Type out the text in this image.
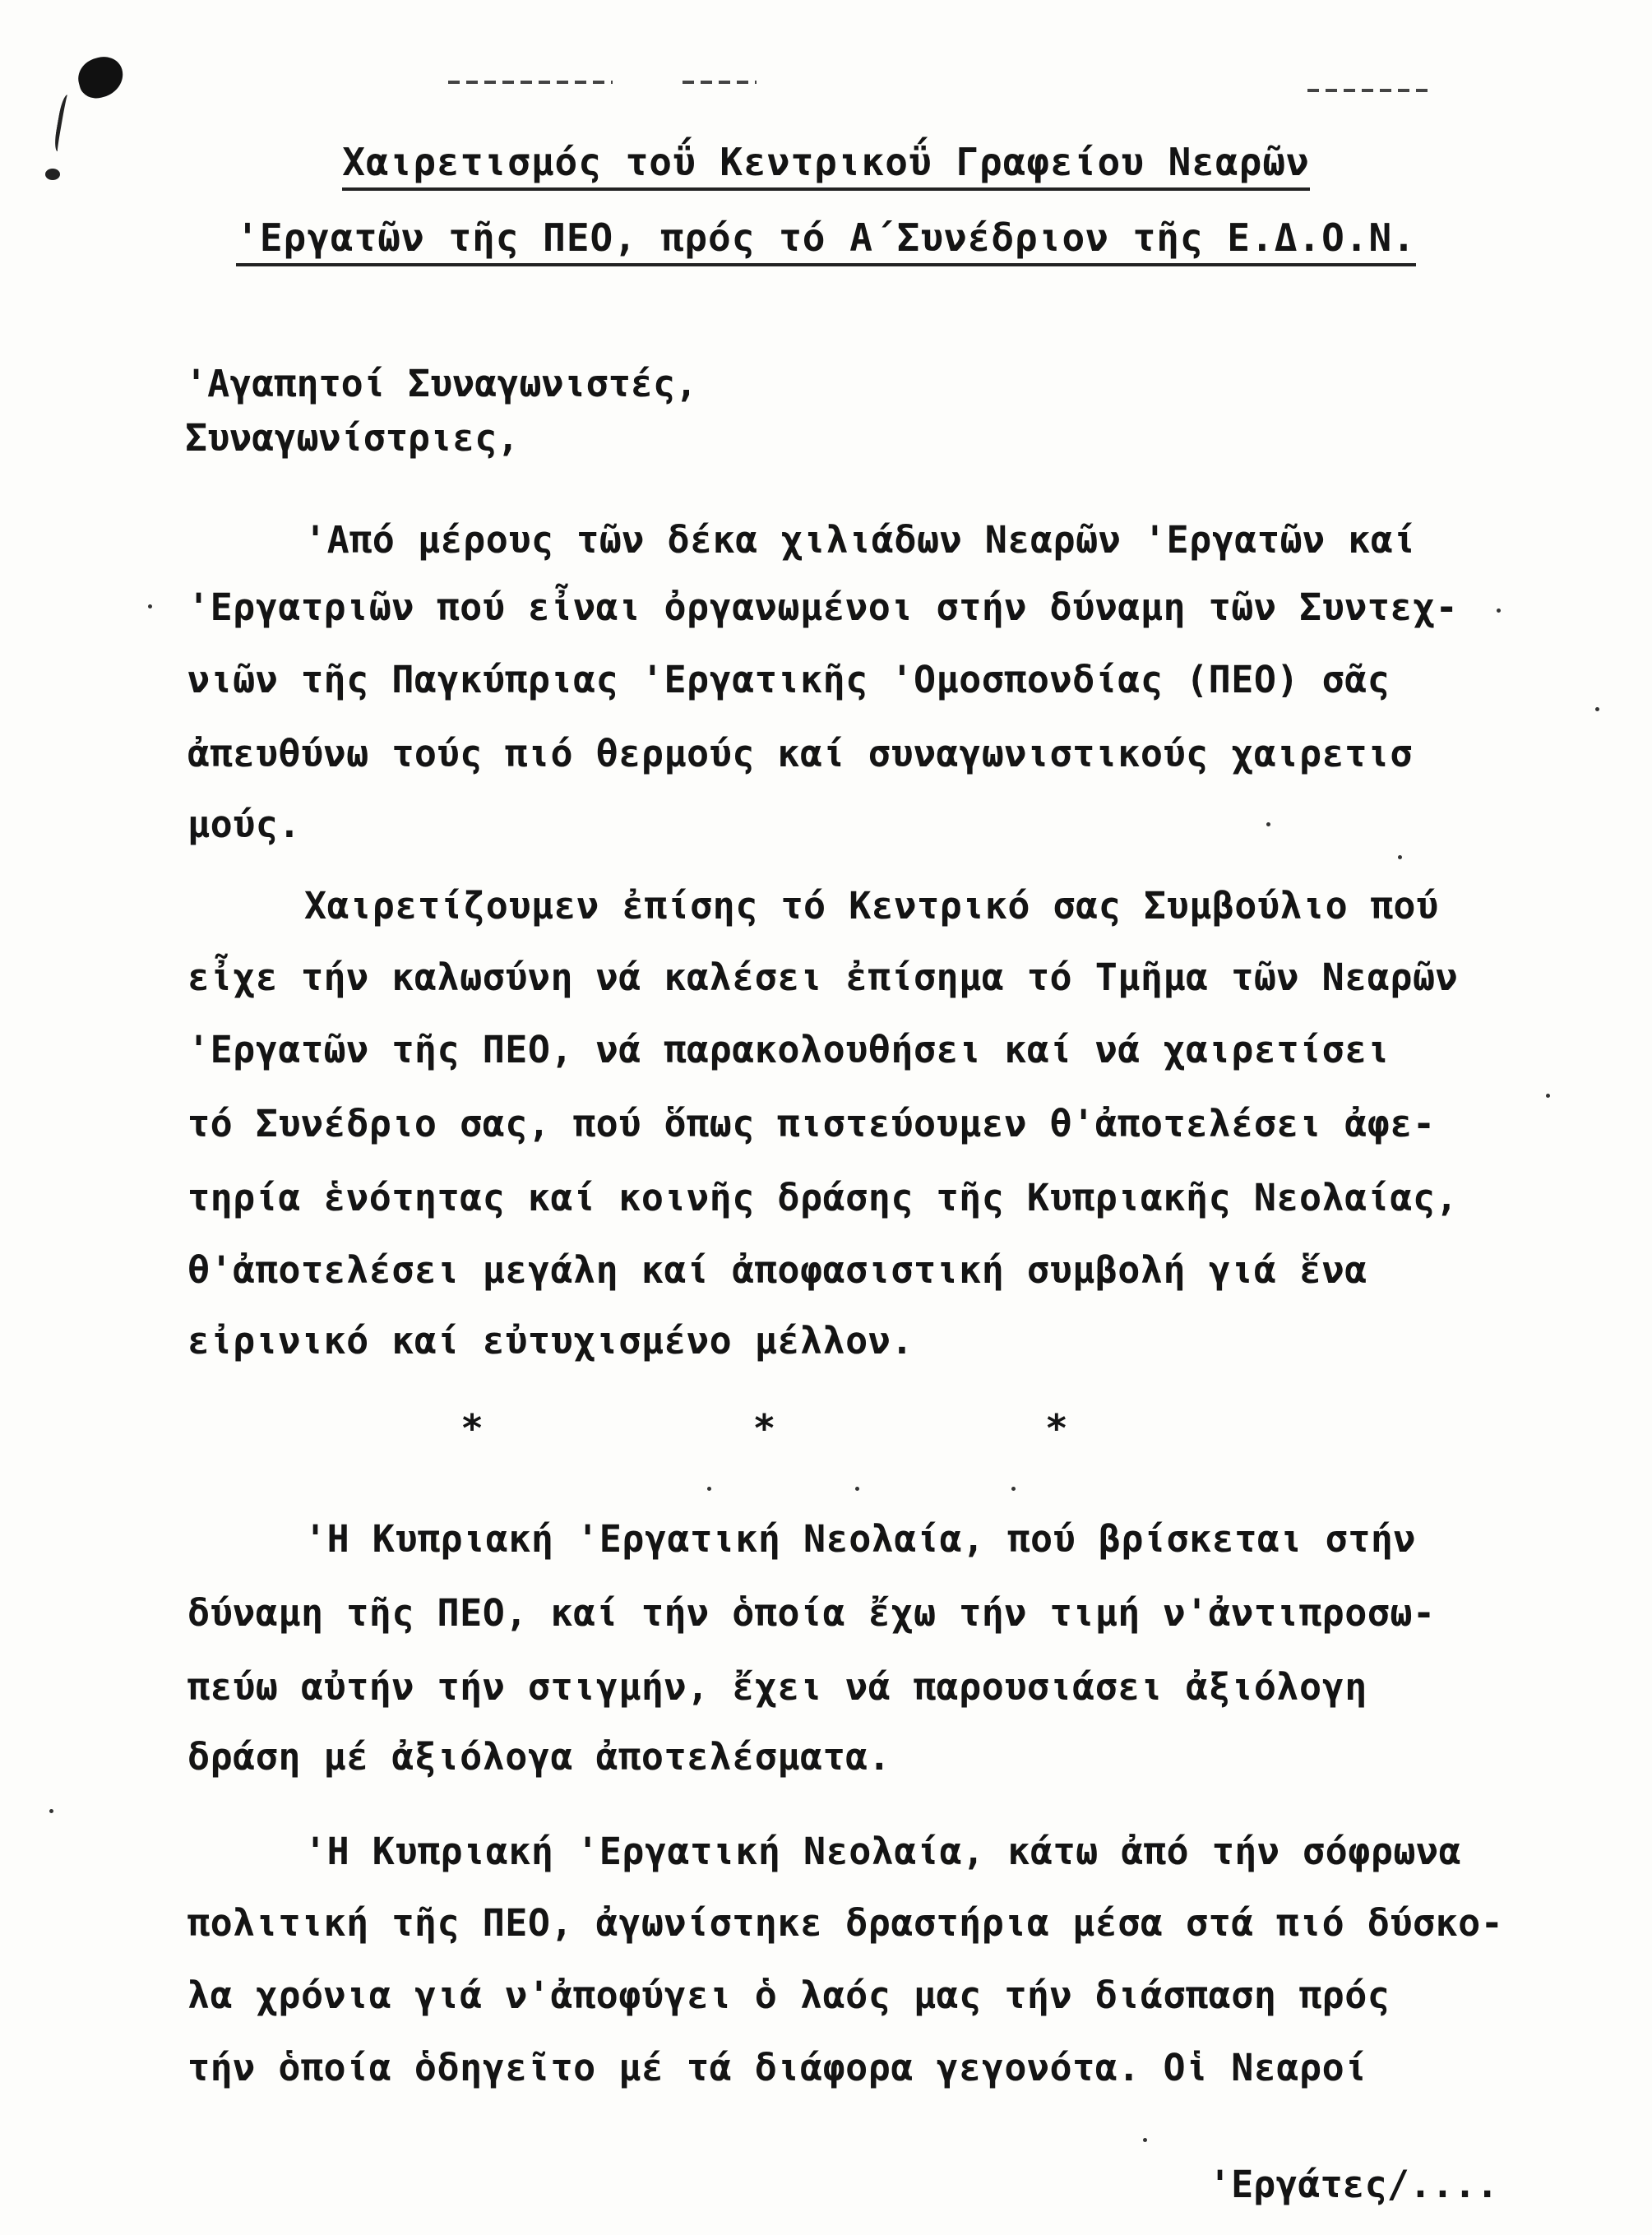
Χαιρετισμός τοΰ Κεντρικοΰ Γραφείου Νεαρῶν
'Εργατῶν τῆς ΠΕΟ, πρός τό Α΄Συνέδριον τῆς Ε.Δ.Ο.Ν.
'Αγαπητοί Συναγωνιστές,
Συναγωνίστριες,
'Από μέρους τῶν δέκα χιλιάδων Νεαρῶν 'Εργατῶν καί
'Εργατριῶν πού εἶναι ὀργανωμένοι στήν δύναμη τῶν Συντεχ-
νιῶν τῆς Παγκύπριας 'Εργατικῆς 'Ομοσπονδίας (ΠΕΟ) σᾶς
ἀπευθύνω τούς πιό θερμούς καί συναγωνιστικούς χαιρετισ
μούς.
Χαιρετίζουμεν ἐπίσης τό Κεντρικό σας Συμβούλιο πού
εἶχε τήν καλωσύνη νά καλέσει ἐπίσημα τό Τμῆμα τῶν Νεαρῶν
'Εργατῶν τῆς ΠΕΟ, νά παρακολουθήσει καί νά χαιρετίσει
τό Συνέδριο σας, πού ὅπως πιστεύουμεν θ'ἀποτελέσει ἀφε-
τηρία ἑνότητας καί κοινῆς δράσης τῆς Κυπριακῆς Νεολαίας,
θ'ἀποτελέσει μεγάλη καί ἀποφασιστική συμβολή γιά ἕνα
εἰρινικό καί εὐτυχισμένο μέλλον.
* * *
'Η Κυπριακή 'Εργατική Νεολαία, πού βρίσκεται στήν
δύναμη τῆς ΠΕΟ, καί τήν ὁποία ἔχω τήν τιμή ν'ἀντιπροσω-
πεύω αὐτήν τήν στιγμήν, ἔχει νά παρουσιάσει ἀξιόλογη
δράση μέ ἀξιόλογα ἀποτελέσματα.
'Η Κυπριακή 'Εργατική Νεολαία, κάτω ἀπό τήν σόφρωνα
πολιτική τῆς ΠΕΟ, ἀγωνίστηκε δραστήρια μέσα στά πιό δύσκο-
λα χρόνια γιά ν'ἀποφύγει ὁ λαός μας τήν διάσπαση πρός
τήν ὁποία ὁδηγεῖτο μέ τά διάφορα γεγονότα. Οἱ Νεαροί
'Εργάτες/....
